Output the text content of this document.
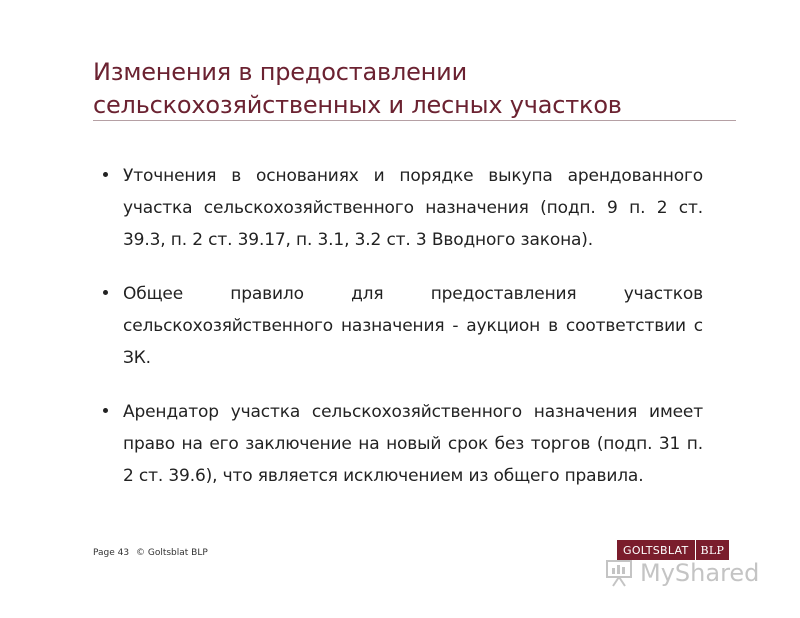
Изменения в предоставлении
сельскохозяйственных и лесных участков
Уточнения в основаниях и порядке выкупа арендованного участка сельскохозяйственного назначения (подп. 9 п. 2 ст. 39.3, п. 2 ст. 39.17, п. 3.1, 3.2 ст. 3 Вводного закона).
Общее правило для предоставления участков сельскохозяйственного назначения - аукцион в соответствии с ЗК.
Арендатор участка сельскохозяйственного назначения имеет право на его заключение на новый срок без торгов (подп. 31 п. 2 ст. 39.6), что является исключением из общего правила.
Page 43 © Goltsblat BLP	GOLTSBLAT	BLP
MyShared
